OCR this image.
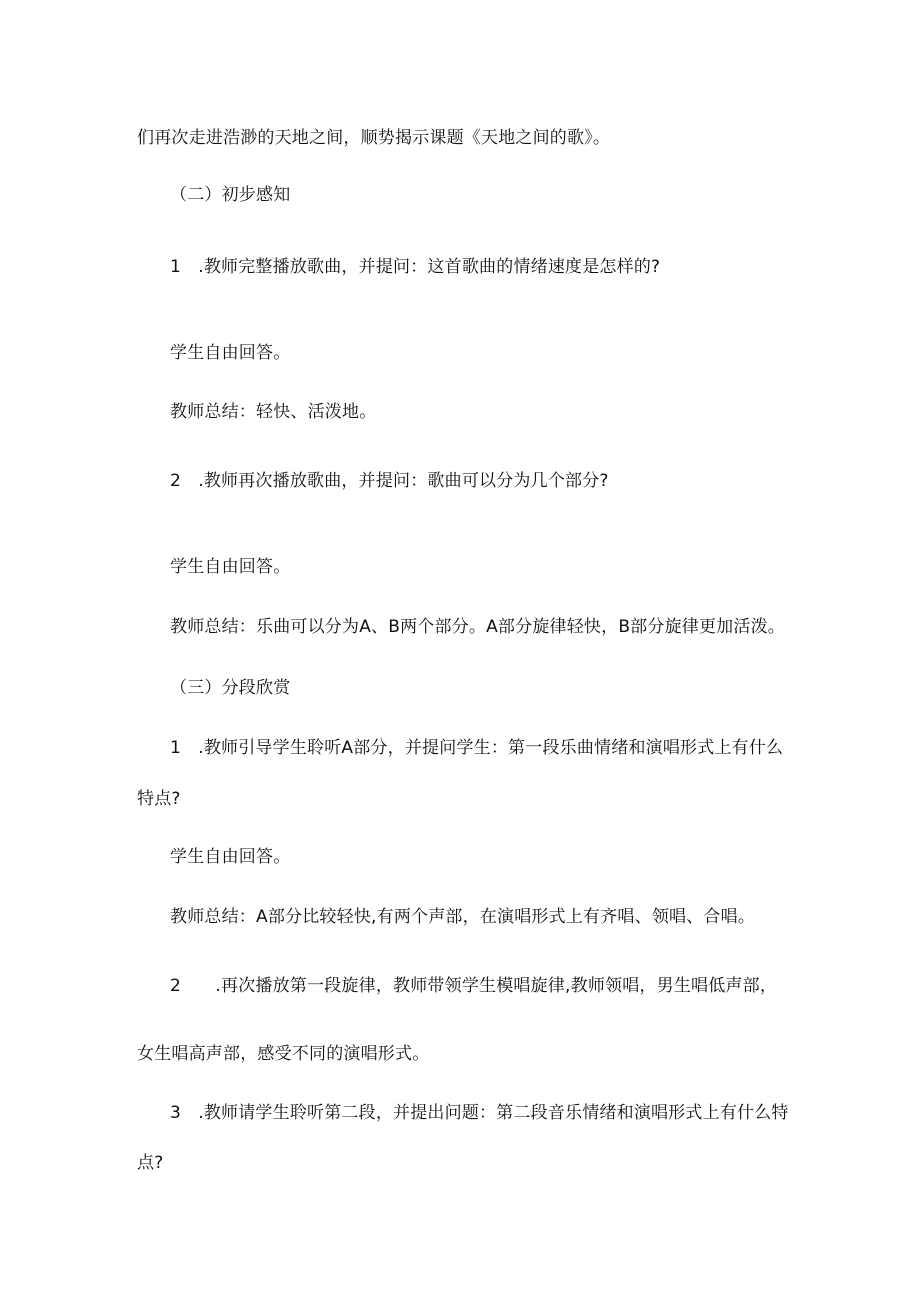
们再次走进浩渺的天地之间，顺势揭示课题《天地之间的歌》。
（二）初步感知
1　.教师完整播放歌曲，并提问：这首歌曲的情绪速度是怎样的?
学生自由回答。
教师总结：轻快、活泼地。
2　.教师再次播放歌曲，并提问：歌曲可以分为几个部分?
学生自由回答。
教师总结：乐曲可以分为A、B两个部分。A部分旋律轻快，B部分旋律更加活泼。
（三）分段欣赏
1　.教师引导学生聆听A部分，并提问学生：第一段乐曲情绪和演唱形式上有什么
特点?
学生自由回答。
教师总结：A部分比较轻快,有两个声部，在演唱形式上有齐唱、领唱、合唱。
2　　.再次播放第一段旋律，教师带领学生模唱旋律,教师领唱，男生唱低声部，
女生唱高声部，感受不同的演唱形式。
3　.教师请学生聆听第二段，并提出问题：第二段音乐情绪和演唱形式上有什么特
点?
